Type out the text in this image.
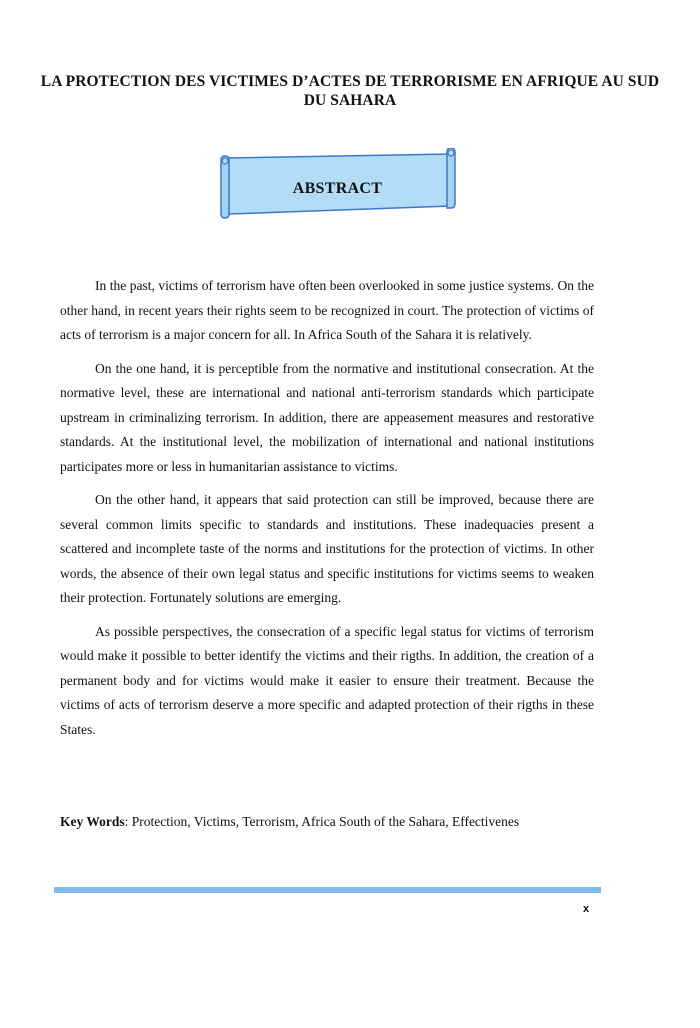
LA PROTECTION DES VICTIMES D’ACTES DE TERRORISME EN AFRIQUE AU SUD DU SAHARA
ABSTRACT

In the past, victims of terrorism have often been overlooked in some justice systems. On the other hand, in recent years their rights seem to be recognized in court. The protection of victims of acts of terrorism is a major concern for all. In Africa South of the Sahara it is relatively.

On the one hand, it is perceptible from the normative and institutional consecration. At the normative level, these are international and national anti-terrorism standards which participate upstream in criminalizing terrorism. In addition, there are appeasement measures and restorative standards. At the institutional level, the mobilization of international and national institutions participates more or less in humanitarian assistance to victims.

On the other hand, it appears that said protection can still be improved, because there are several common limits specific to standards and institutions. These inadequacies present a scattered and incomplete taste of the norms and institutions for the protection of victims. In other words, the absence of their own legal status and specific institutions for victims seems to weaken their protection. Fortunately solutions are emerging.

As possible perspectives, the consecration of a specific legal status for victims of terrorism would make it possible to better identify the victims and their rigths. In addition, the creation of a permanent body and for victims would make it easier to ensure their treatment. Because the victims of acts of terrorism deserve a more specific and adapted protection of their rigths in these States.

Key Words: Protection, Victims, Terrorism, Africa South of the Sahara, Effectivenes
x
